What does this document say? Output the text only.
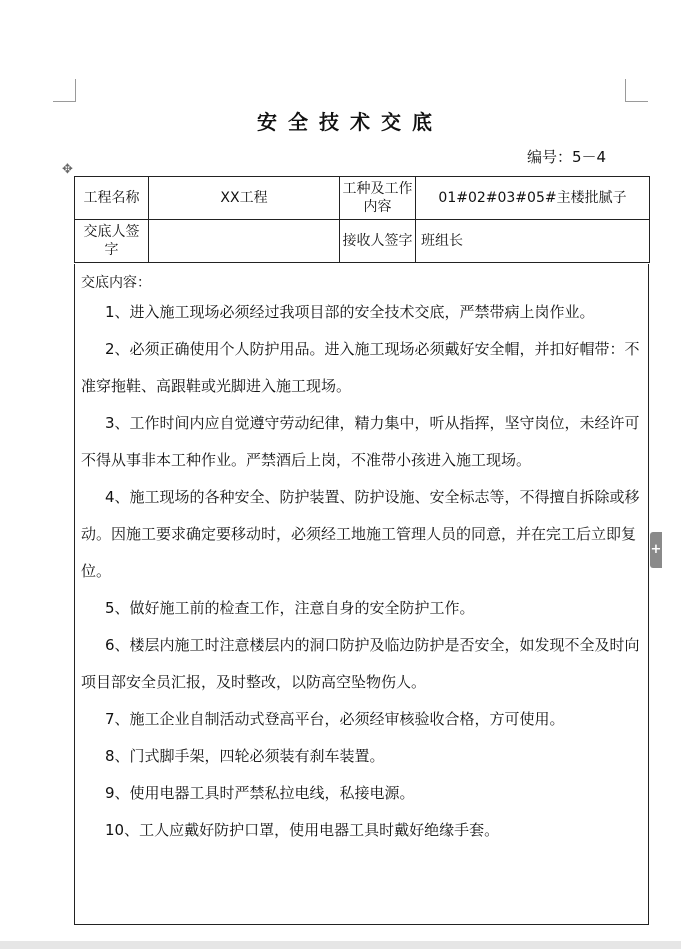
安全技术交底
编号：5－4
✥
+
工程名称	XX工程	工种及工作内容	01#02#03#05#主楼批腻子
交底人签字		接收人签字	班组长
交底内容：

1、进入施工现场必须经过我项目部的安全技术交底，严禁带病上岗作业。

2、必须正确使用个人防护用品。进入施工现场必须戴好安全帽，并扣好帽带：不准穿拖鞋、高跟鞋或光脚进入施工现场。

3、工作时间内应自觉遵守劳动纪律，精力集中，听从指挥，坚守岗位，未经许可不得从事非本工种作业。严禁酒后上岗，不准带小孩进入施工现场。

4、施工现场的各种安全、防护装置、防护设施、安全标志等，不得擅自拆除或移动。因施工要求确定要移动时，必须经工地施工管理人员的同意，并在完工后立即复位。

5、做好施工前的检查工作，注意自身的安全防护工作。

6、楼层内施工时注意楼层内的洞口防护及临边防护是否安全，如发现不全及时向项目部安全员汇报，及时整改，以防高空坠物伤人。

7、施工企业自制活动式登高平台，必须经审核验收合格，方可使用。

8、门式脚手架，四轮必须装有刹车装置。

9、使用电器工具时严禁私拉电线，私接电源。

10、工人应戴好防护口罩，使用电器工具时戴好绝缘手套。
